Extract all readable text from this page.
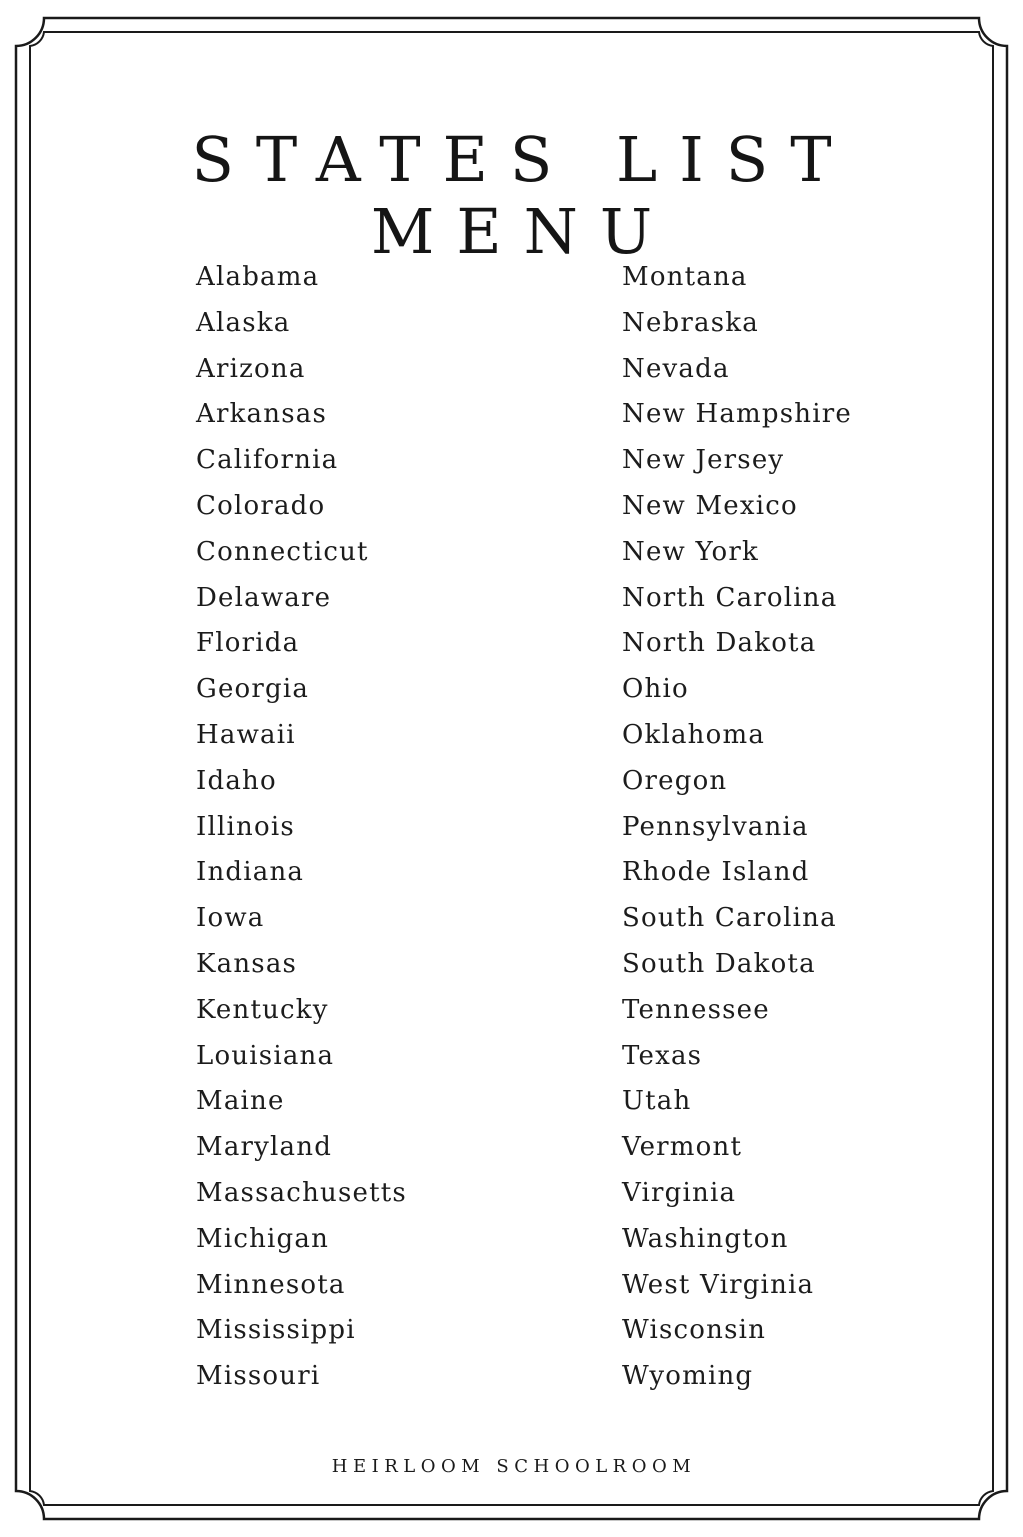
STATES LIST MENU
Alabama
Alaska
Arizona
Arkansas
California
Colorado
Connecticut
Delaware
Florida
Georgia
Hawaii
Idaho
Illinois
Indiana
Iowa
Kansas
Kentucky
Louisiana
Maine
Maryland
Massachusetts
Michigan
Minnesota
Mississippi
Missouri
Montana
Nebraska
Nevada
New Hampshire
New Jersey
New Mexico
New York
North Carolina
North Dakota
Ohio
Oklahoma
Oregon
Pennsylvania
Rhode Island
South Carolina
South Dakota
Tennessee
Texas
Utah
Vermont
Virginia
Washington
West Virginia
Wisconsin
Wyoming
HEIRLOOM SCHOOLROOM
